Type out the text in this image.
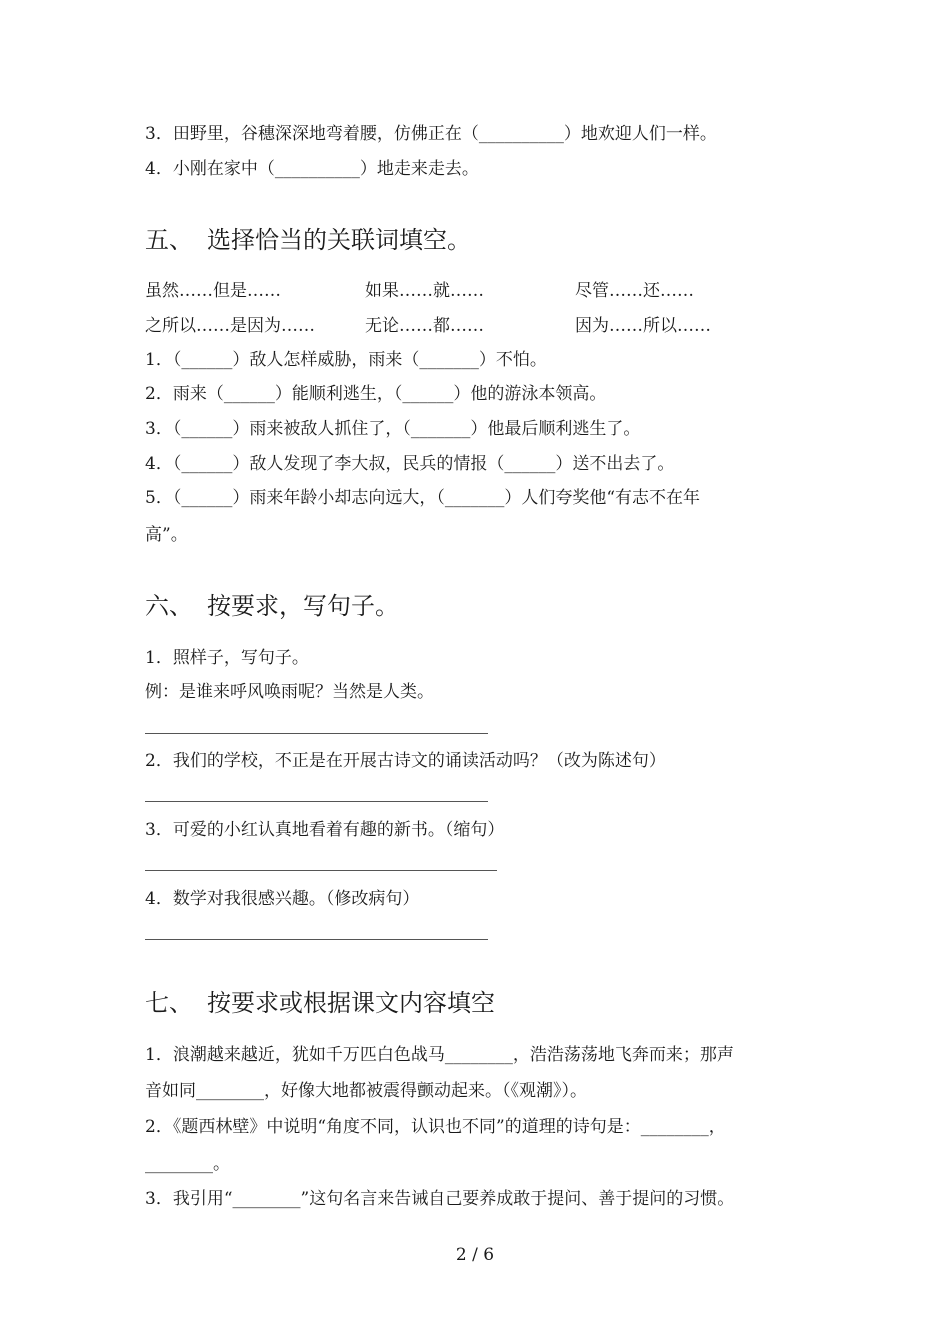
3．田野里，谷穗深深地弯着腰，仿佛正在（__________）地欢迎人们一样。
4．小刚在家中（__________）地走来走去。
五、 选择恰当的关联词填空。
虽然……但是……	如果……就……	尽管……还……
之所以……是因为……	无论……都……	因为……所以……
1．（______）敌人怎样威胁，雨来（_______）不怕。
2．雨来（______）能顺利逃生，（______）他的游泳本领高。
3．（______）雨来被敌人抓住了，（_______）他最后顺利逃生了。
4．（______）敌人发现了李大叔，民兵的情报（______）送不出去了。
5．（______）雨来年龄小却志向远大，（_______）人们夸奖他“有志不在年
高”。
六、 按要求，写句子。
1．照样子，写句子。
例：是谁来呼风唤雨呢？当然是人类。
2．我们的学校，不正是在开展古诗文的诵读活动吗？（改为陈述句）
3．可爱的小红认真地看着有趣的新书。（缩句）
4．数学对我很感兴趣。（修改病句）
七、 按要求或根据课文内容填空
1．浪潮越来越近，犹如千万匹白色战马________，浩浩荡荡地飞奔而来；那声
音如同________，好像大地都被震得颤动起来。（《观潮》）。
2．《题西林壁》中说明“角度不同，认识也不同”的道理的诗句是：________，
________。
3．我引用“________”这句名言来告诫自己要养成敢于提问、善于提问的习惯。
2 / 6
